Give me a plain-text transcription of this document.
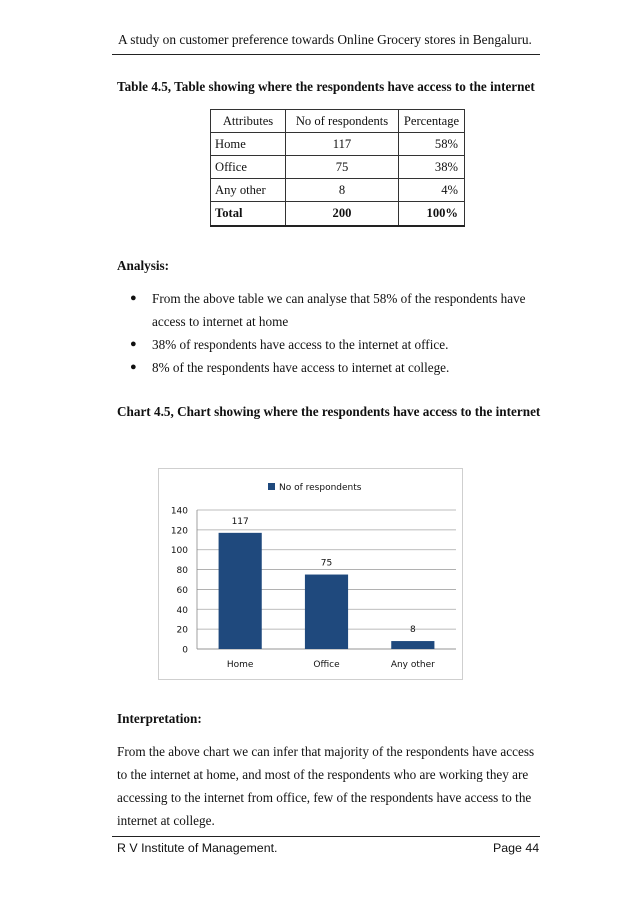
A study on customer preference towards Online Grocery stores in Bengaluru.
Table 4.5, Table showing where the respondents have access to the internet
Attributes	No of respondents	Percentage
Home	117	58%
Office	75	38%
Any other	8	4%
Total	200	100%
Analysis:
● From the above table we can analyse that 58% of the respondents have access to internet at home
● 38% of respondents have access to the internet at office.
● 8% of the respondents have access to internet at college.
Chart 4.5, Chart showing where the respondents have access to the internet
0
20
40
60
80
100
120
140
117
Home
75
Office
8
Any other
No of respondents
Interpretation:
From the above chart we can infer that majority of the respondents have access to the internet at home, and most of the respondents who are working they are accessing to the internet from office, few of the respondents have access to the internet at college.
R V Institute of Management.	Page 44
